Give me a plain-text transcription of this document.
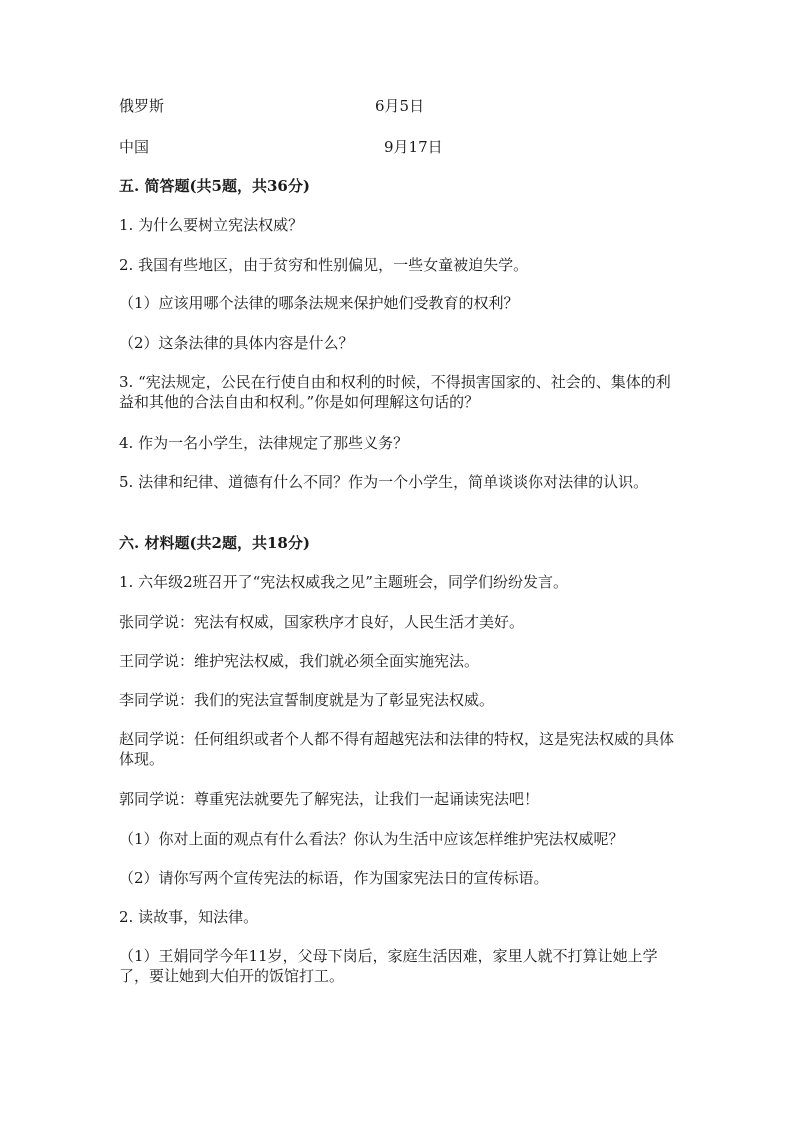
俄罗斯	6月5日
中国	9月17日
五. 简答题(共5题，共36分)
1. 为什么要树立宪法权威？
2. 我国有些地区，由于贫穷和性别偏见，一些女童被迫失学。
（1）应该用哪个法律的哪条法规来保护她们受教育的权利？
（2）这条法律的具体内容是什么？
3. “宪法规定，公民在行使自由和权利的时候，不得损害国家的、社会的、集体的利益和其他的合法自由和权利。”你是如何理解这句话的？
4. 作为一名小学生，法律规定了那些义务？
5. 法律和纪律、道德有什么不同？作为一个小学生，简单谈谈你对法律的认识。
六. 材料题(共2题，共18分)
1. 六年级2班召开了“宪法权威我之见”主题班会，同学们纷纷发言。
张同学说：宪法有权威，国家秩序才良好，人民生活才美好。
王同学说：维护宪法权威，我们就必须全面实施宪法。
李同学说：我们的宪法宣誓制度就是为了彰显宪法权威。
赵同学说：任何组织或者个人都不得有超越宪法和法律的特权，这是宪法权威的具体体现。
郭同学说：尊重宪法就要先了解宪法，让我们一起诵读宪法吧！
（1）你对上面的观点有什么看法？你认为生活中应该怎样维护宪法权威呢？
（2）请你写两个宣传宪法的标语，作为国家宪法日的宣传标语。
2. 读故事，知法律。
（1）王娟同学今年11岁，父母下岗后，家庭生活因难，家里人就不打算让她上学了，要让她到大伯开的饭馆打工。
